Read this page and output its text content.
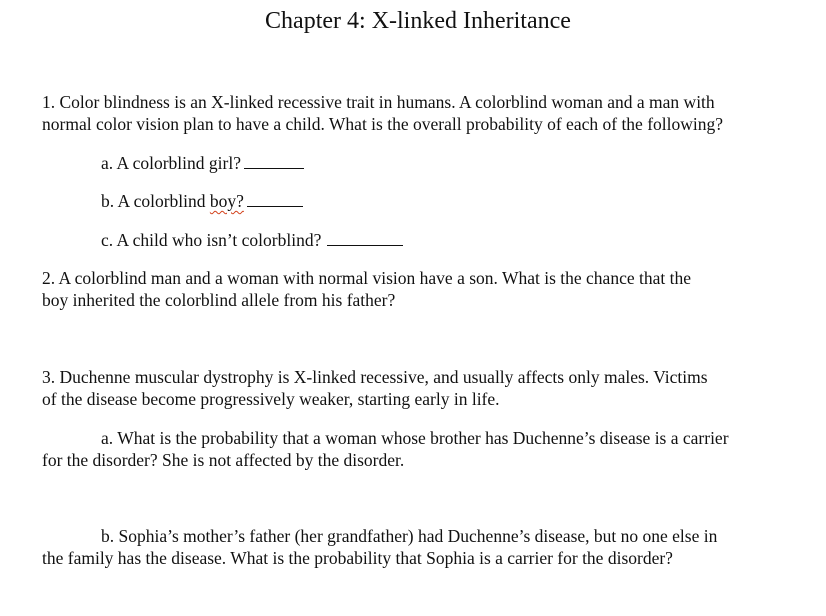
Chapter 4: X-linked Inheritance
1. Color blindness is an X-linked recessive trait in humans. A colorblind woman and a man with
normal color vision plan to have a child. What is the overall probability of each of the following?
a. A colorblind girl?
b. A colorblind boy?
c. A child who isn’t colorblind?
2. A colorblind man and a woman with normal vision have a son. What is the chance that the
boy inherited the colorblind allele from his father?
3. Duchenne muscular dystrophy is X-linked recessive, and usually affects only males. Victims
of the disease become progressively weaker, starting early in life.
a. What is the probability that a woman whose brother has Duchenne’s disease is a carrier
for the disorder? She is not affected by the disorder.
b. Sophia’s mother’s father (her grandfather) had Duchenne’s disease, but no one else in
the family has the disease. What is the probability that Sophia is a carrier for the disorder?
